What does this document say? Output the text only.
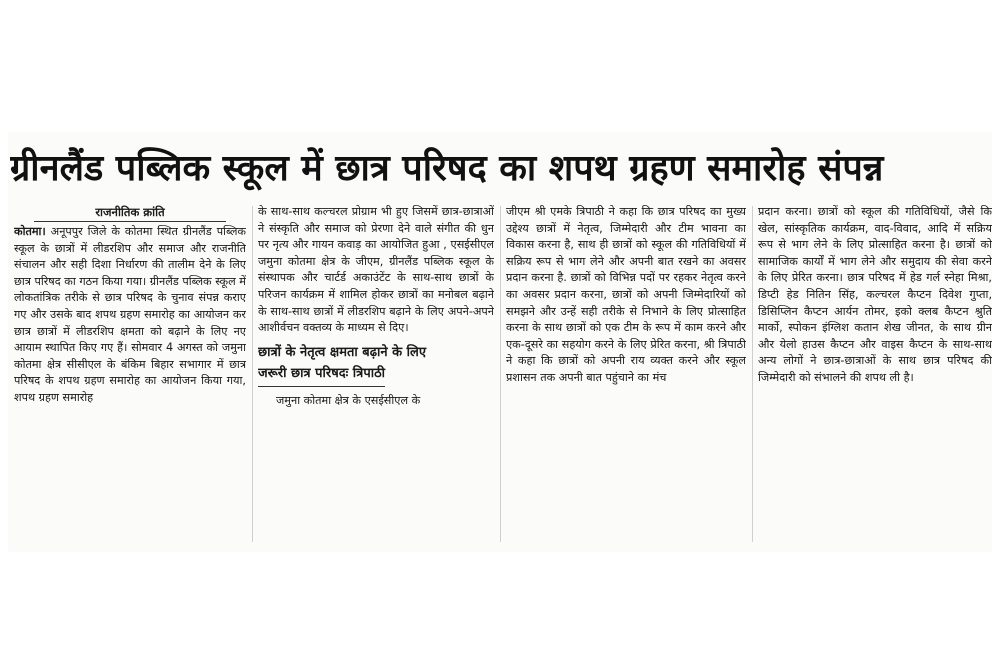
ग्रीनलैंड पब्लिक स्कूल में छात्र परिषद का शपथ ग्रहण समारोह संपन्न
राजनीतिक क्रांति

कोतमा। अनूपपुर जिले के कोतमा स्थित ग्रीनलैंड पब्लिक स्कूल के छात्रों में लीडरशिप और समाज और राजनीति संचालन और सही दिशा निर्धारण की तालीम देने के लिए छात्र परिषद का गठन किया गया। ग्रीनलैंड पब्लिक स्कूल में लोकतांत्रिक तरीके से छात्र परिषद के चुनाव संपन्न कराए गए और उसके बाद शपथ ग्रहण समारोह का आयोजन कर छात्र छात्रों में लीडरशिप क्षमता को बढ़ाने के लिए नए आयाम स्थापित किए गए हैं। सोमवार 4 अगस्त को जमुना कोतमा क्षेत्र सीसीएल के बंकिम बिहार सभागार में छात्र परिषद के शपथ ग्रहण समारोह का आयोजन किया गया, शपथ ग्रहण समारोह

के साथ-साथ कल्चरल प्रोग्राम भी हुए जिसमें छात्र-छात्राओं ने संस्कृति और समाज को प्रेरणा देने वाले संगीत की धुन पर नृत्य और गायन कवाड़ का आयोजित हुआ , एसईसीएल जमुना कोतमा क्षेत्र के जीएम, ग्रीनलैंड पब्लिक स्कूल के संस्थापक और चार्टर्ड अकाउंटेंट के साथ-साथ छात्रों के परिजन कार्यक्रम में शामिल होकर छात्रों का मनोबल बढ़ाने के साथ-साथ छात्रों में लीडरशिप बढ़ाने के लिए अपने-अपने आशीर्वचन वक्तव्य के माध्यम से दिए।

छात्रों के नेतृत्व क्षमता बढ़ाने के लिए
जरूरी छात्र परिषदः त्रिपाठी

जमुना कोतमा क्षेत्र के एसईसीएल के

जीएम श्री एमके त्रिपाठी ने कहा कि छात्र परिषद का मुख्य उद्देश्य छात्रों में नेतृत्व, जिम्मेदारी और टीम भावना का विकास करना है, साथ ही छात्रों को स्कूल की गतिविधियों में सक्रिय रूप से भाग लेने और अपनी बात रखने का अवसर प्रदान करना है. छात्रों को विभिन्न पदों पर रहकर नेतृत्व करने का अवसर प्रदान करना, छात्रों को अपनी जिम्मेदारियों को समझने और उन्हें सही तरीके से निभाने के लिए प्रोत्साहित करना के साथ छात्रों को एक टीम के रूप में काम करने और एक-दूसरे का सहयोग करने के लिए प्रेरित करना, श्री त्रिपाठी ने कहा कि छात्रों को अपनी राय व्यक्त करने और स्कूल प्रशासन तक अपनी बात पहुंचाने का मंच

प्रदान करना। छात्रों को स्कूल की गतिविधियों, जैसे कि खेल, सांस्कृतिक कार्यक्रम, वाद-विवाद, आदि में सक्रिय रूप से भाग लेने के लिए प्रोत्साहित करना है। छात्रों को सामाजिक कार्यों में भाग लेने और समुदाय की सेवा करने के लिए प्रेरित करना। छात्र परिषद में हेड गर्ल स्नेहा मिश्रा, डिप्टी हेड नितिन सिंह, कल्चरल कैप्टन दिवेश गुप्ता, डिसिप्लिन कैप्टन आर्यन तोमर, इको क्लब कैप्टन श्रुति मार्को, स्पोकन इंग्लिश कतान शेख जीनत, के साथ ग्रीन और येलो हाउस कैप्टन और वाइस कैप्टन के साथ-साथ अन्य लोगों ने छात्र-छात्राओं के साथ छात्र परिषद की जिम्मेदारी को संभालने की शपथ ली है।
